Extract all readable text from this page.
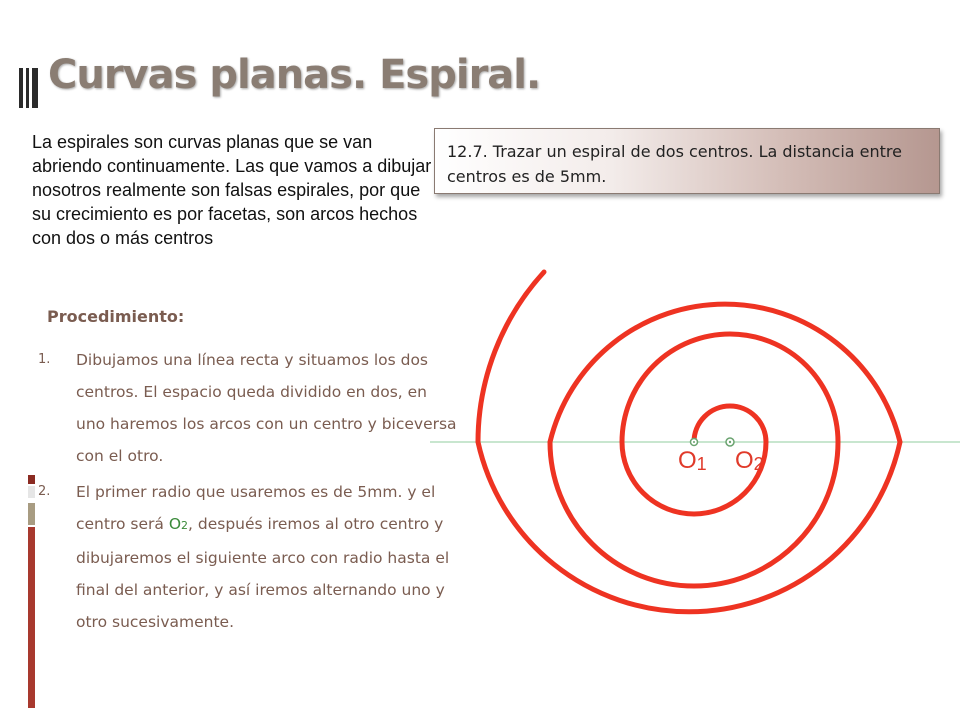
Curvas planas. Espiral.
La espirales son curvas planas que se van abriendo continuamente. Las que vamos a dibujar nosotros realmente son falsas espirales, por que su crecimiento es por facetas, son arcos hechos con dos o más centros
12.7. Trazar un espiral de dos centros. La distancia entre centros es de 5mm.
Procedimiento:
1. Dibujamos una línea recta y situamos los dos centros. El espacio queda dividido en dos, en uno haremos los arcos con un centro y biceversa con el otro.
2. El primer radio que usaremos es de 5mm. y el centro será O2, después iremos al otro centro y dibujaremos el siguiente arco con radio hasta el final del anterior, y así iremos alternando uno y otro sucesivamente.
O1 O2
